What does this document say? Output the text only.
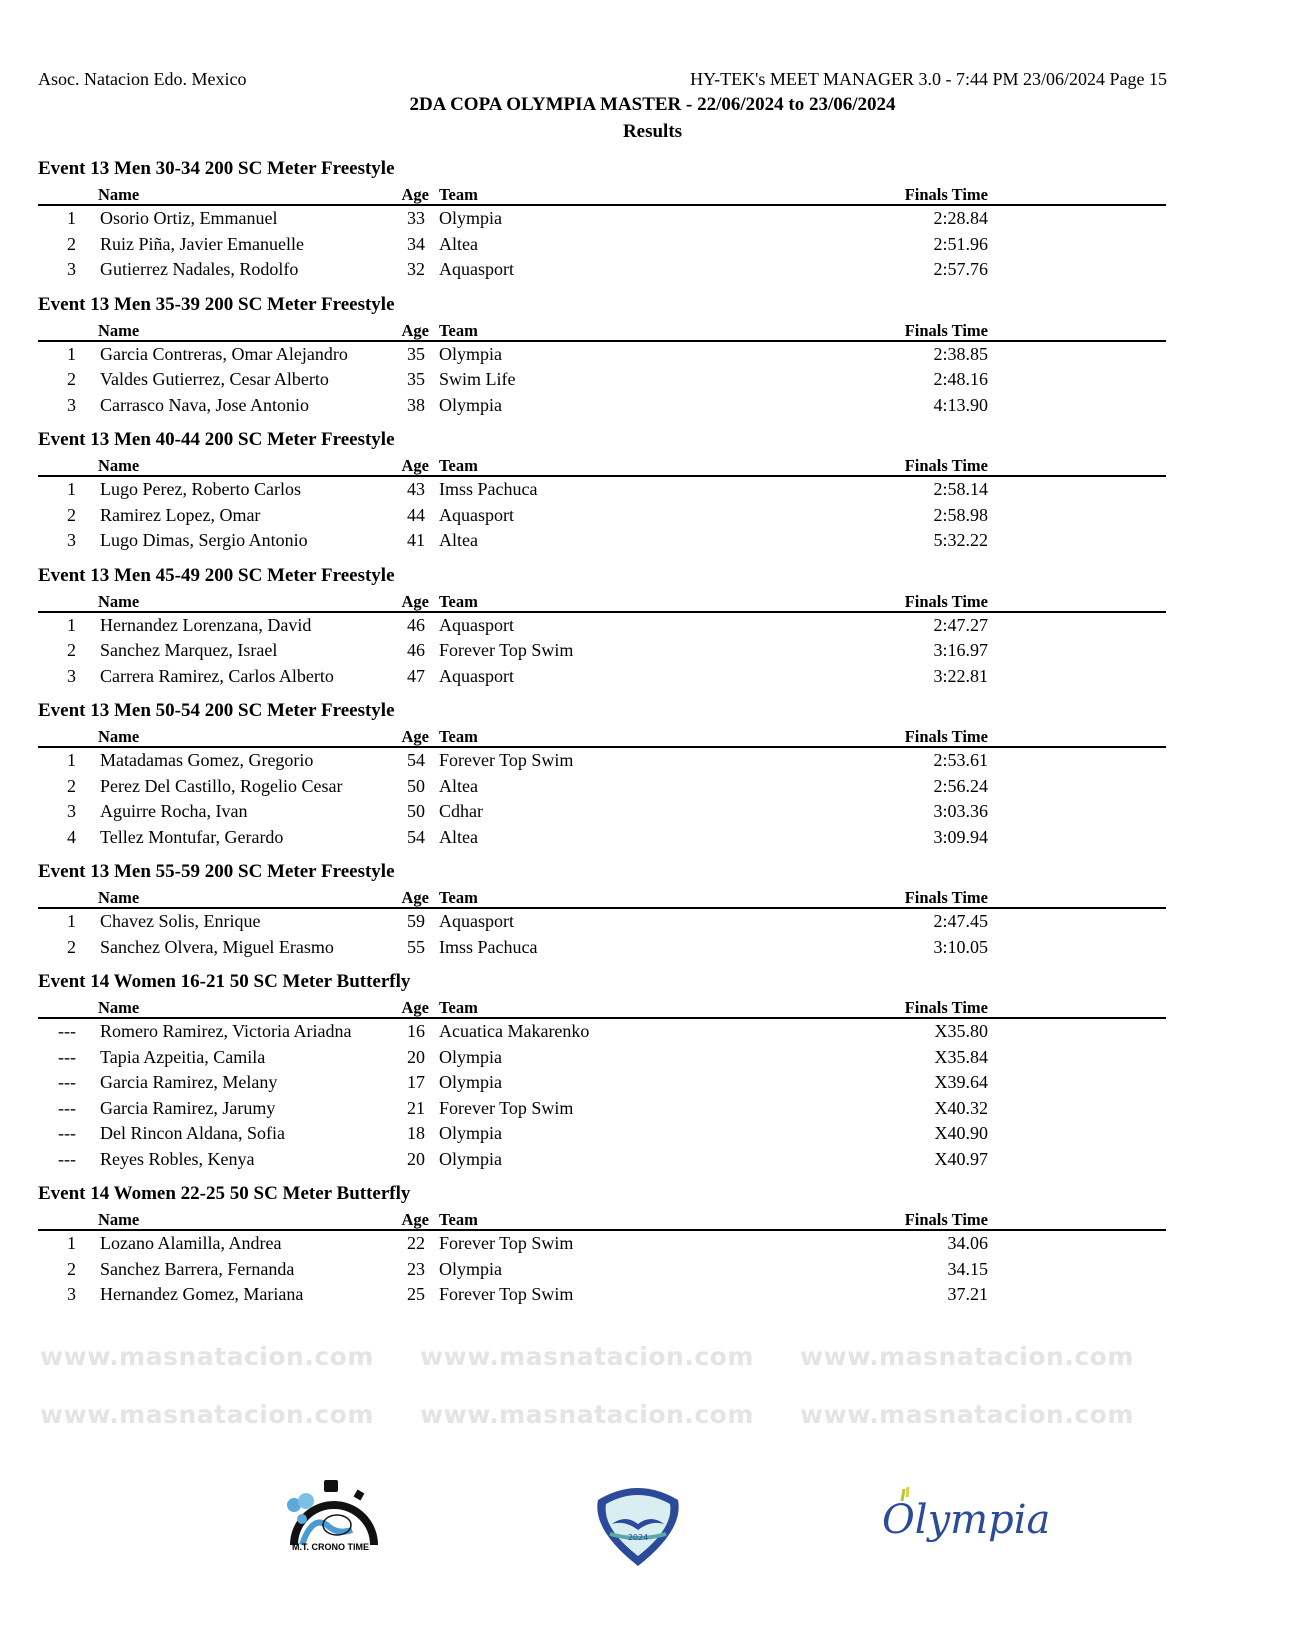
Asoc. Natacion Edo. Mexico	HY-TEK's MEET MANAGER 3.0 - 7:44 PM 23/06/2024 Page 15
2DA COPA OLYMPIA MASTER - 22/06/2024 to 23/06/2024
Results
www.masnatacion.com www.masnatacion.com www.masnatacion.com
www.masnatacion.com www.masnatacion.com www.masnatacion.com
Event 13 Men 30-34 200 SC Meter Freestyle
Name	Age Team	Finals Time
1 Osorio Ortiz, Emmanuel	33 Olympia	2:28.84
2 Ruiz Piña, Javier Emanuelle	34 Altea	2:51.96
3 Gutierrez Nadales, Rodolfo	32 Aquasport	2:57.76
Event 13 Men 35-39 200 SC Meter Freestyle
Name	Age Team	Finals Time
1 Garcia Contreras, Omar Alejandro	35 Olympia	2:38.85
2 Valdes Gutierrez, Cesar Alberto	35 Swim Life	2:48.16
3 Carrasco Nava, Jose Antonio	38 Olympia	4:13.90
Event 13 Men 40-44 200 SC Meter Freestyle
Name	Age Team	Finals Time
1 Lugo Perez, Roberto Carlos	43 Imss Pachuca	2:58.14
2 Ramirez Lopez, Omar	44 Aquasport	2:58.98
3 Lugo Dimas, Sergio Antonio	41 Altea	5:32.22
Event 13 Men 45-49 200 SC Meter Freestyle
Name	Age Team	Finals Time
1 Hernandez Lorenzana, David	46 Aquasport	2:47.27
2 Sanchez Marquez, Israel	46 Forever Top Swim	3:16.97
3 Carrera Ramirez, Carlos Alberto	47 Aquasport	3:22.81
Event 13 Men 50-54 200 SC Meter Freestyle
Name	Age Team	Finals Time
1 Matadamas Gomez, Gregorio	54 Forever Top Swim	2:53.61
2 Perez Del Castillo, Rogelio Cesar	50 Altea	2:56.24
3 Aguirre Rocha, Ivan	50 Cdhar	3:03.36
4 Tellez Montufar, Gerardo	54 Altea	3:09.94
Event 13 Men 55-59 200 SC Meter Freestyle
Name	Age Team	Finals Time
1 Chavez Solis, Enrique	59 Aquasport	2:47.45
2 Sanchez Olvera, Miguel Erasmo	55 Imss Pachuca	3:10.05
Event 14 Women 16-21 50 SC Meter Butterfly
Name	Age Team	Finals Time
--- Romero Ramirez, Victoria Ariadna	16 Acuatica Makarenko	X35.80
--- Tapia Azpeitia, Camila	20 Olympia	X35.84
--- Garcia Ramirez, Melany	17 Olympia	X39.64
--- Garcia Ramirez, Jarumy	21 Forever Top Swim	X40.32
--- Del Rincon Aldana, Sofia	18 Olympia	X40.90
--- Reyes Robles, Kenya	20 Olympia	X40.97
Event 14 Women 22-25 50 SC Meter Butterfly
Name	Age Team	Finals Time
1 Lozano Alamilla, Andrea	22 Forever Top Swim	34.06
2 Sanchez Barrera, Fernanda	23 Olympia	34.15
3 Hernandez Gomez, Mariana	25 Forever Top Swim	37.21
M.T. CRONO TIME
2024	Olympia
